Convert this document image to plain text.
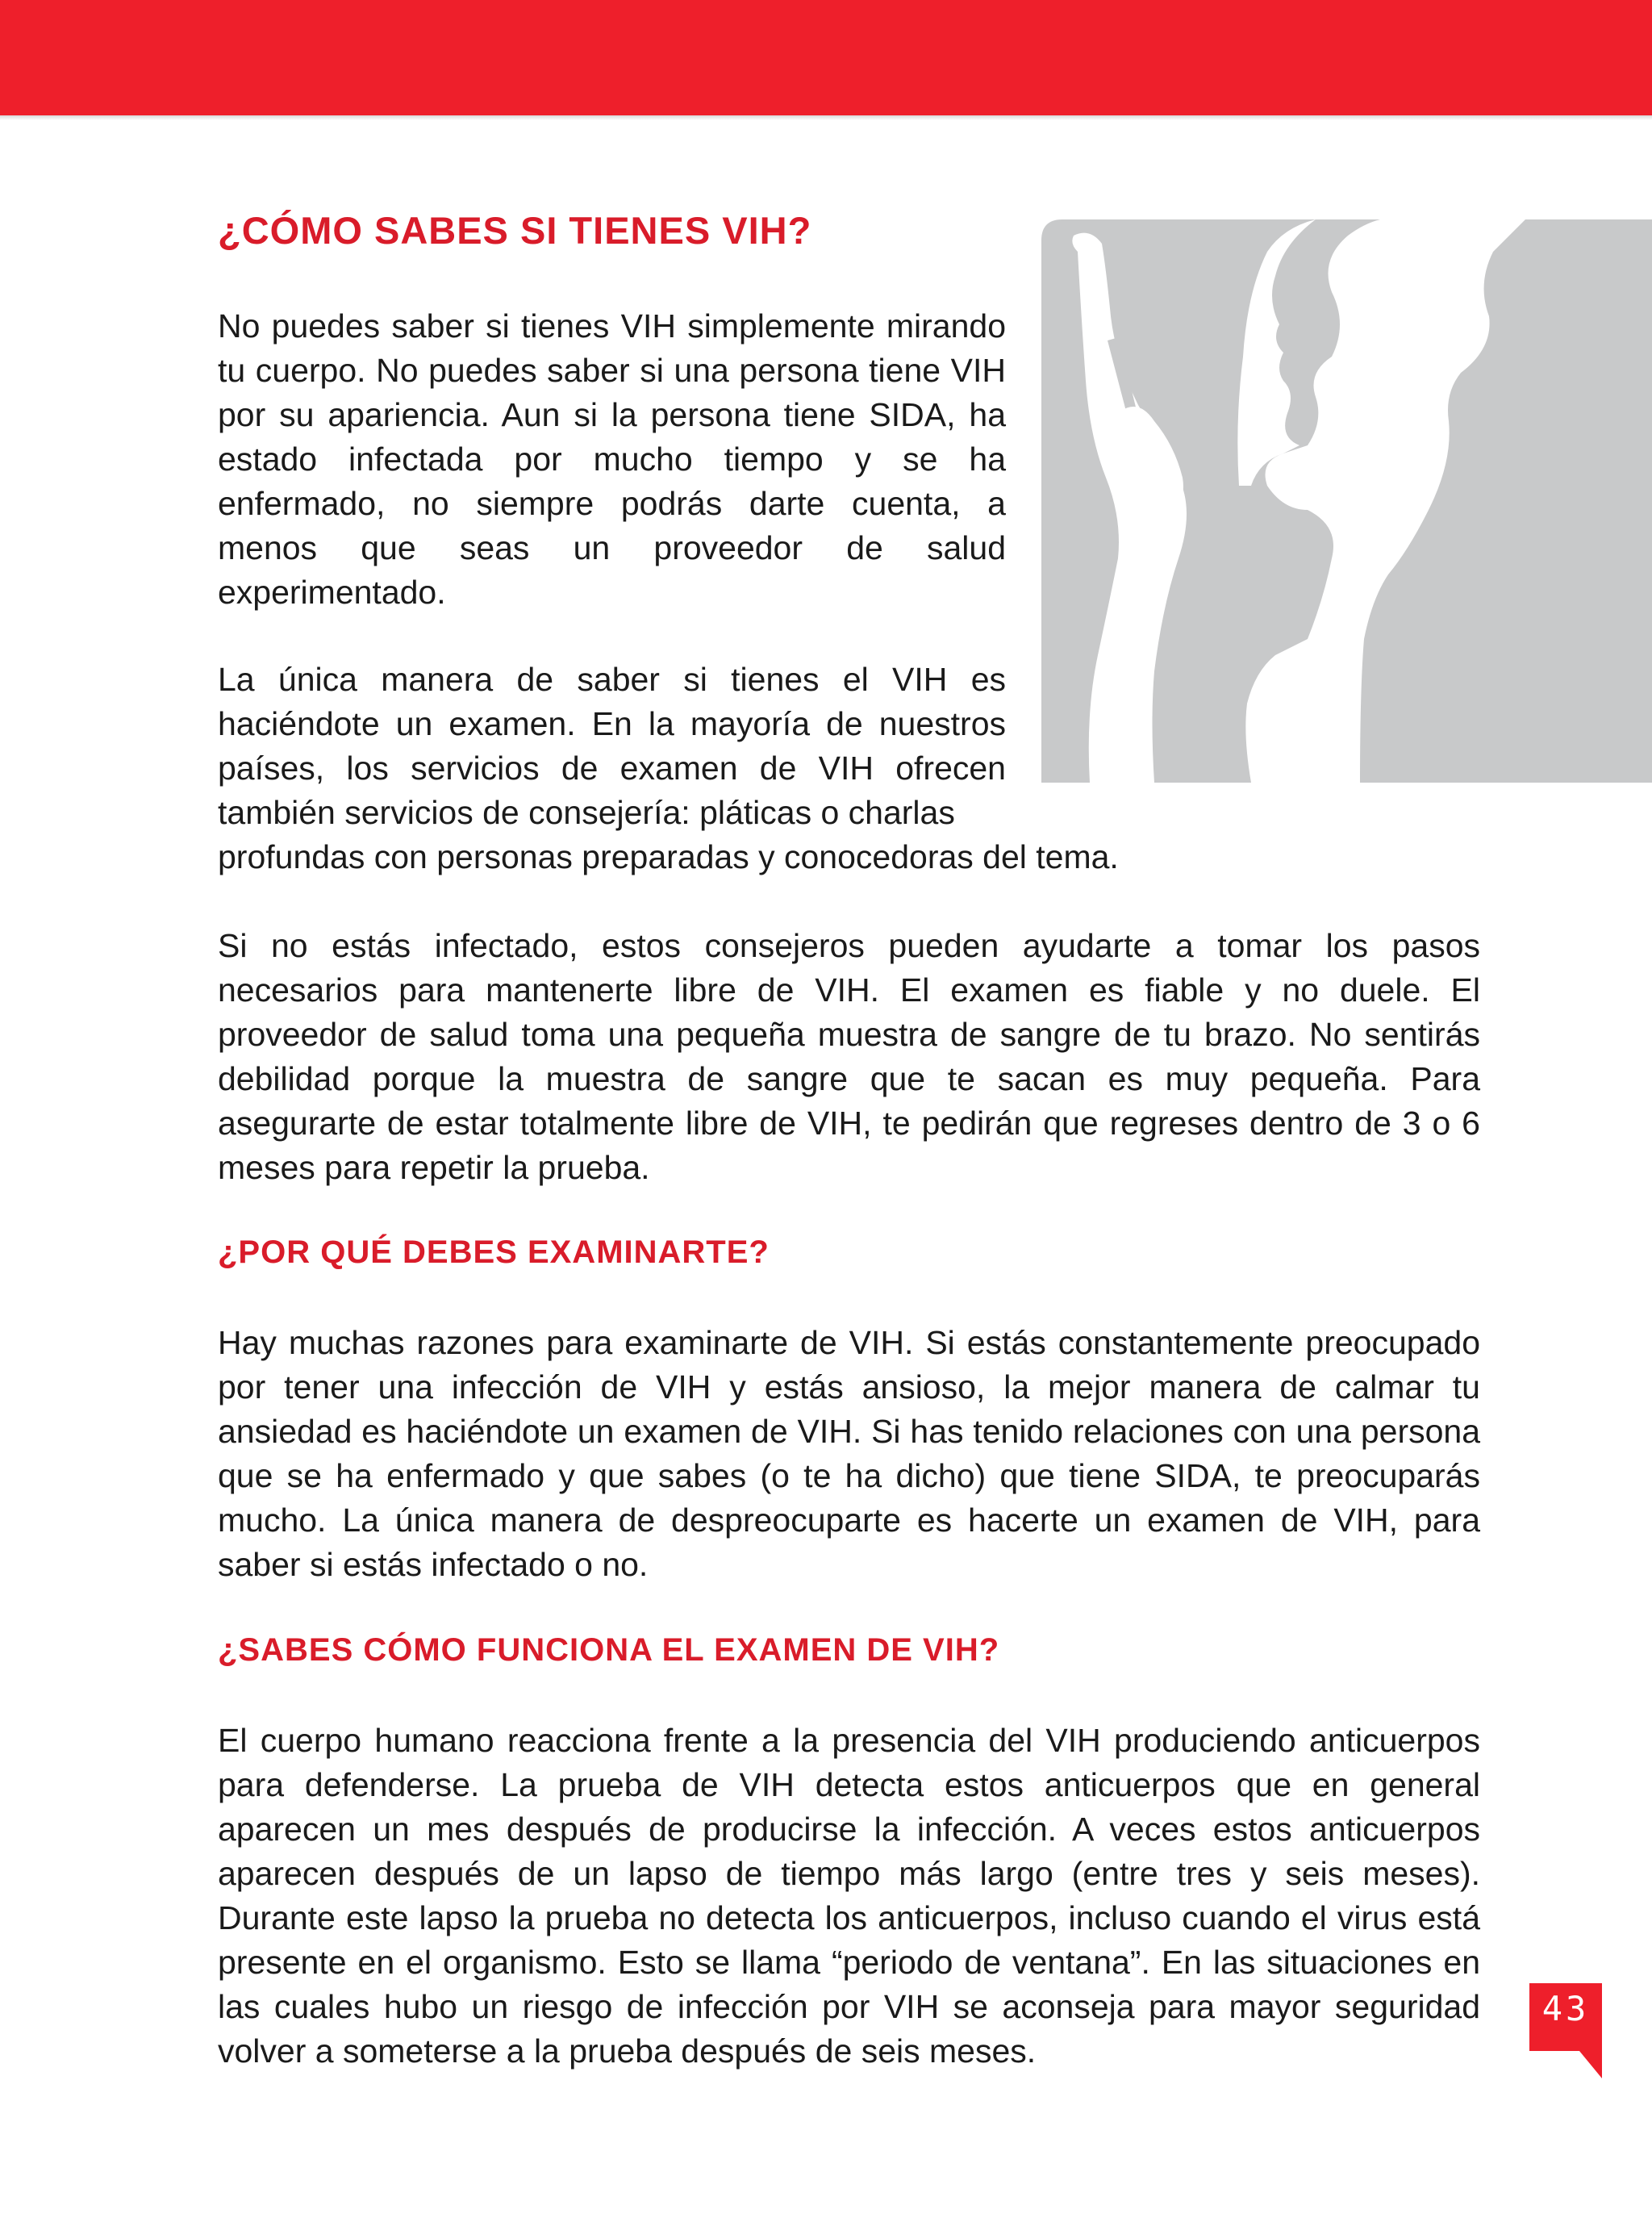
¿CÓMO SABES SI TIENES VIH?

No puedes saber si tienes VIH simplemente mirando tu cuerpo. No puedes saber si una persona tiene VIH por su apariencia. Aun si la persona tiene SIDA, ha estado infectada por mucho tiempo y se ha enfermado, no siempre podrás darte cuenta, a menos que seas un proveedor de salud experimentado.

La única manera de saber si tienes el VIH es haciéndote un examen. En la mayoría de nuestros países, los servicios de examen de VIH ofrecen también servicios de consejería: pláticas o charlas
profundas con personas preparadas y conocedoras del tema.

Si no estás infectado, estos consejeros pueden ayudarte a tomar los pasos necesarios para mantenerte libre de VIH. El examen es fiable y no duele. El proveedor de salud toma una pequeña muestra de sangre de tu brazo. No sentirás debilidad porque la muestra de sangre que te sacan es muy pequeña. Para asegurarte de estar totalmente libre de VIH, te pedirán que regreses dentro de 3 o 6 meses para repetir la prueba.

¿POR QUÉ DEBES EXAMINARTE?

Hay muchas razones para examinarte de VIH. Si estás constantemente preocupado por tener una infección de VIH y estás ansioso, la mejor manera de calmar tu ansiedad es haciéndote un examen de VIH. Si has tenido relaciones con una persona que se ha enfermado y que sabes (o te ha dicho) que tiene SIDA, te preocuparás mucho. La única manera de despreocuparte es hacerte un examen de VIH, para saber si estás infectado o no.

¿SABES CÓMO FUNCIONA EL EXAMEN DE VIH?

El cuerpo humano reacciona frente a la presencia del VIH produciendo anticuerpos para defenderse. La prueba de VIH detecta estos anticuerpos que en general aparecen un mes después de producirse la infección. A veces estos anticuerpos aparecen después de un lapso de tiempo más largo (entre tres y seis meses). Durante este lapso la prueba no detecta los anticuerpos, incluso cuando el virus está presente en el organismo. Esto se llama “periodo de ventana”. En las situaciones en las cuales hubo un riesgo de infección por VIH se aconseja para mayor seguridad volver a someterse a la prueba después de seis meses.

43
